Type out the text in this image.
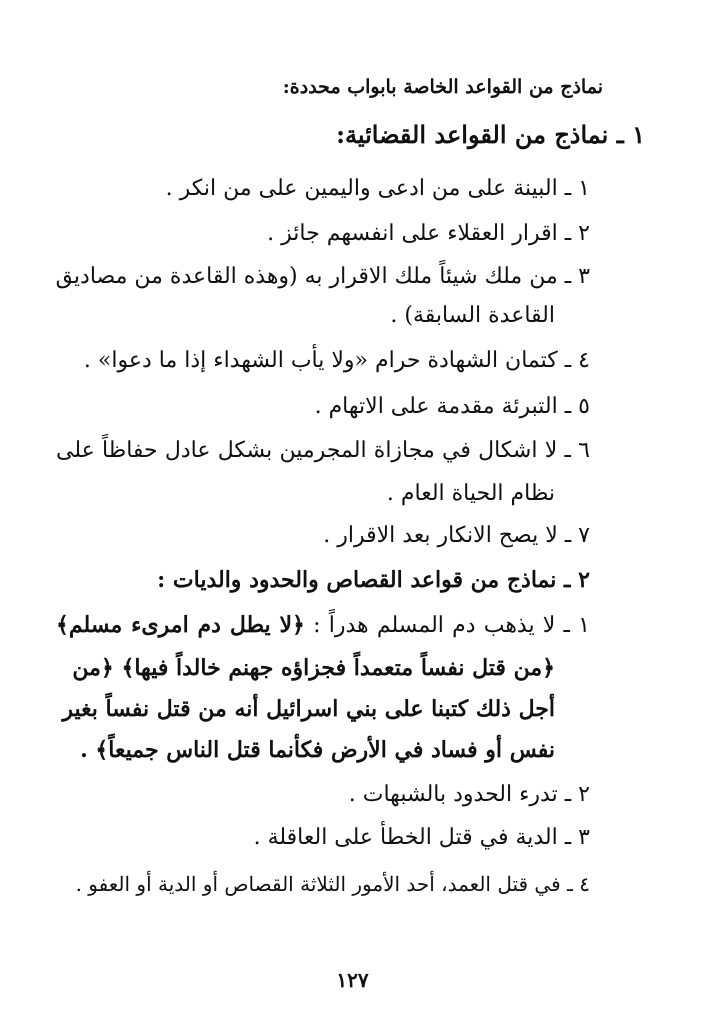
نماذج من القواعد الخاصة بابواب محددة:
١ ـ نماذج من القواعد القضائية:
١ ـ البينة على من ادعى واليمين على من انكر .
٢ ـ اقرار العقلاء على انفسهم جائز .
٣ ـ من ملك شيئاً ملك الاقرار به (وهذه القاعدة من مصاديق
القاعدة السابقة) .
٤ ـ كتمان الشهادة حرام «ولا يأب الشهداء إذا ما دعوا» .
٥ ـ التبرئة مقدمة على الاتهام .
٦ ـ لا اشكال في مجازاة المجرمين بشكل عادل حفاظاً على
نظام الحياة العام .
٧ ـ لا يصح الانكار بعد الاقرار .
٢ ـ نماذج من قواعد القصاص والحدود والديات :
١ ـ لا يذهب دم المسلم هدراً : ﴿لا يطل دم امرىء مسلم﴾
﴿من قتل نفساً متعمداً فجزاؤه جهنم خالداً فيها﴾ ﴿من
أجل ذلك كتبنا على بني اسرائيل أنه من قتل نفساً بغير
نفس أو فساد في الأرض فكأنما قتل الناس جميعاً﴾ .
٢ ـ تدرء الحدود بالشبهات .
٣ ـ الدية في قتل الخطأ على العاقلة .
٤ ـ في قتل العمد، أحد الأمور الثلاثة القصاص أو الدية أو العفو .
١٢٧
